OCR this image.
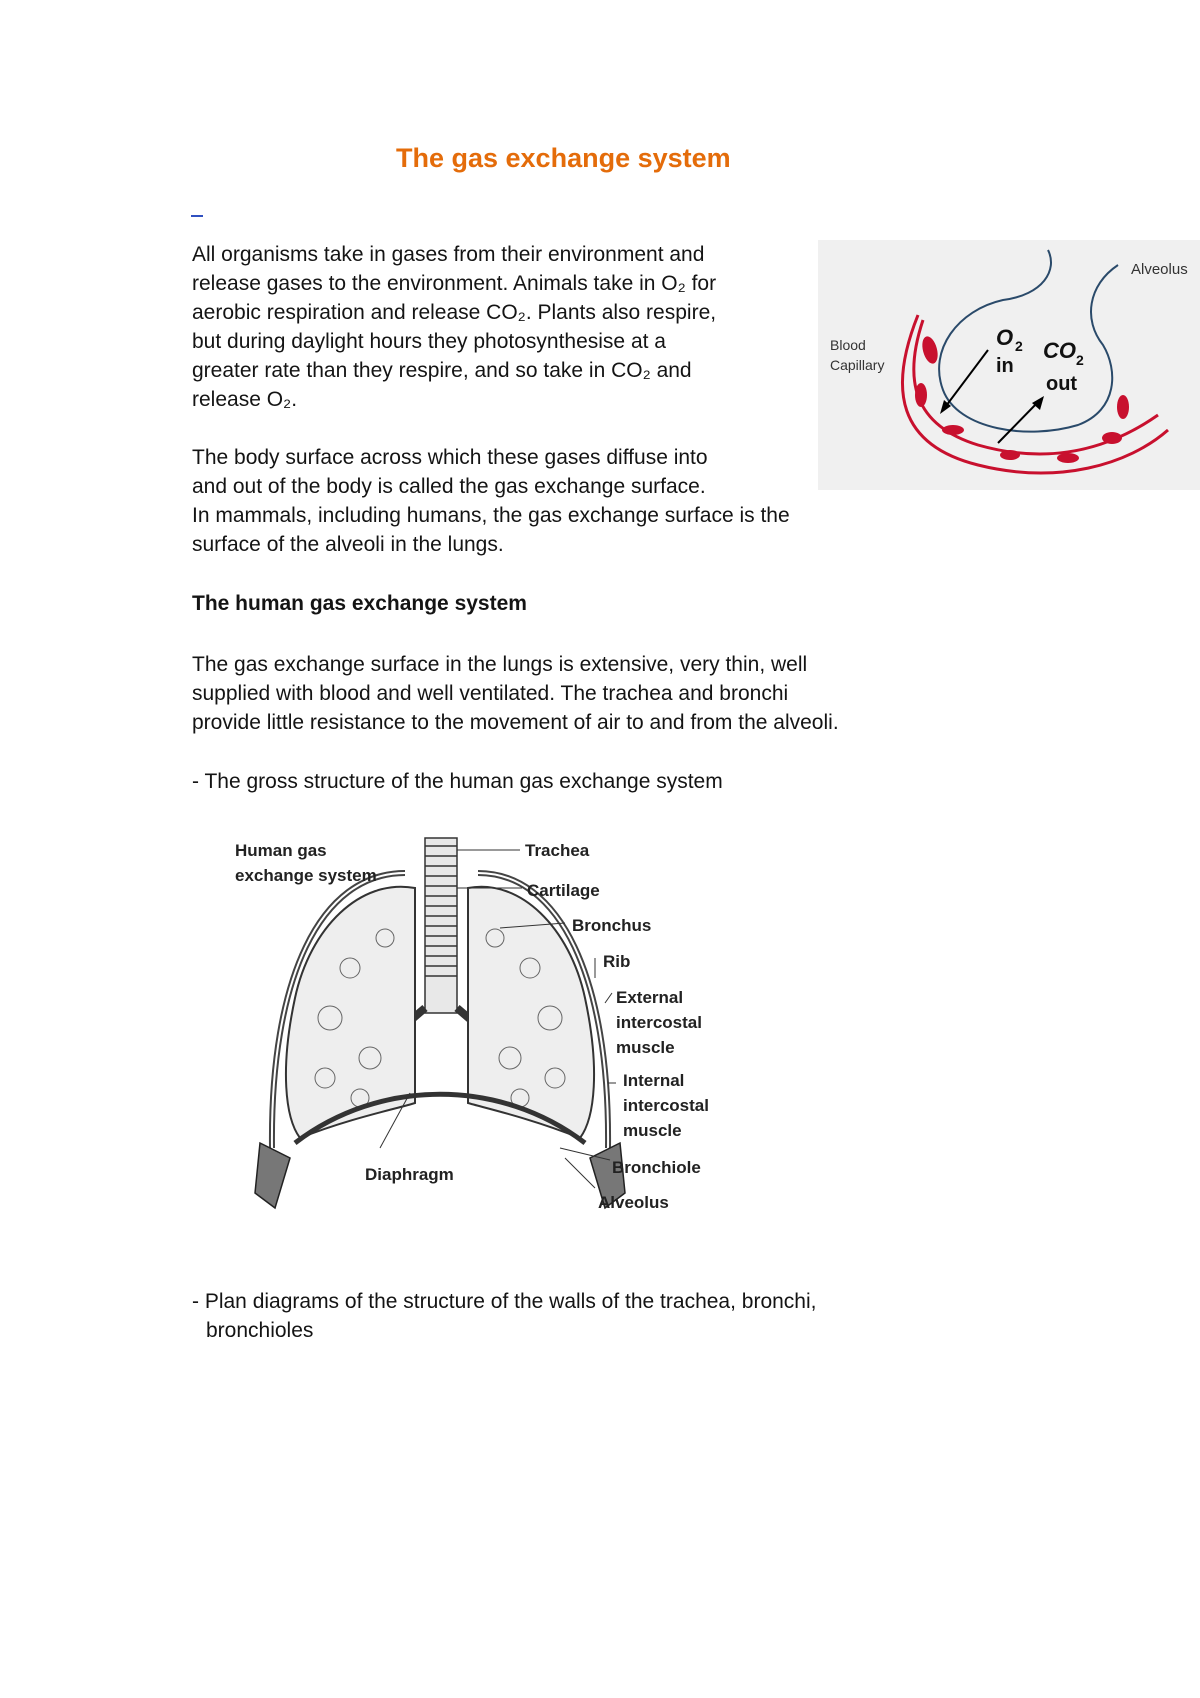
The gas exchange system

All organisms take in gases from their environment and
release gases to the environment. Animals take in O₂ for
aerobic respiration and release CO₂. Plants also respire,
but during daylight hours they photosynthesise at a
greater rate than they respire, and so take in CO₂ and
release O₂.

The body surface across which these gases diffuse into
and out of the body is called the gas exchange surface.
In mammals, including humans, the gas exchange surface is the
surface of the alveoli in the lungs.

The human gas exchange system

The gas exchange surface in the lungs is extensive, very thin, well
supplied with blood and well ventilated. The trachea and bronchi
provide little resistance to the movement of air to and from the alveoli.

- The gross structure of the human gas exchange system

Alveolus
Blood
Capillary
O 2
in
CO 2
out
Human gas
exchange system
Trachea
Cartilage
Bronchus
Rib
External
intercostal
muscle
Internal
intercostal
muscle
Bronchiole
Alveolus
Diaphragm

- Plan diagrams of the structure of the walls of the trachea, bronchi,
bronchioles
